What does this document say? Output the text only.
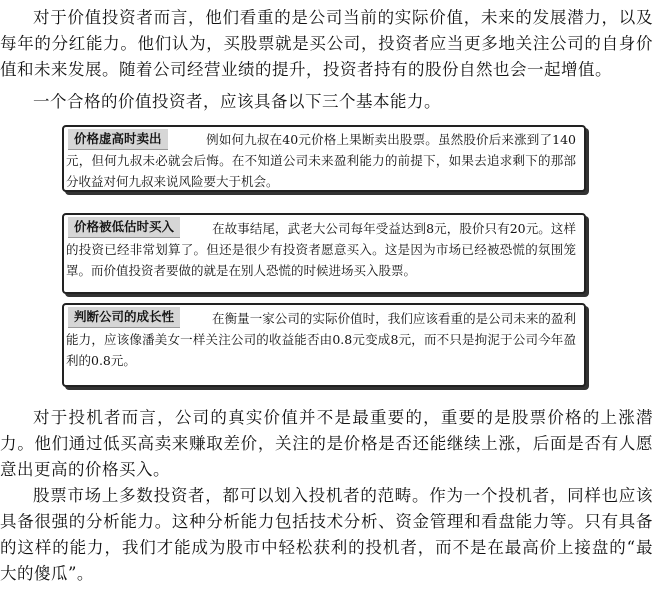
对于价值投资者而言，他们看重的是公司当前的实际价值，未来的发展潜力，以及每年的分红能力。他们认为，买股票就是买公司，投资者应当更多地关注公司的自身价值和未来发展。随着公司经营业绩的提升，投资者持有的股份自然也会一起增值。

一个合格的价值投资者，应该具备以下三个基本能力。

例如何九叔在40元价格上果断卖出股票。虽然股价后来涨到了140元，但何九叔未必就会后悔。在不知道公司未来盈利能力的前提下，如果去追求剩下的那部分收益对何九叔来说风险要大于机会。
价格虚高时卖出
在故事结尾，武老大公司每年受益达到8元，股价只有20元。这样的投资已经非常划算了。但还是很少有投资者愿意买入。这是因为市场已经被恐慌的氛围笼罩。而价值投资者要做的就是在别人恐慌的时候进场买入股票。
价格被低估时买入
在衡量一家公司的实际价值时，我们应该看重的是公司未来的盈利能力，应该像潘美女一样关注公司的收益能否由0.8元变成8元，而不只是拘泥于公司今年盈利的0.8元。
判断公司的成长性

对于投机者而言，公司的真实价值并不是最重要的，重要的是股票价格的上涨潜力。他们通过低买高卖来赚取差价，关注的是价格是否还能继续上涨，后面是否有人愿意出更高的价格买入。

股票市场上多数投资者，都可以划入投机者的范畴。作为一个投机者，同样也应该具备很强的分析能力。这种分析能力包括技术分析、资金管理和看盘能力等。只有具备的这样的能力，我们才能成为股市中轻松获利的投机者，而不是在最高价上接盘的“最大的傻瓜”。
